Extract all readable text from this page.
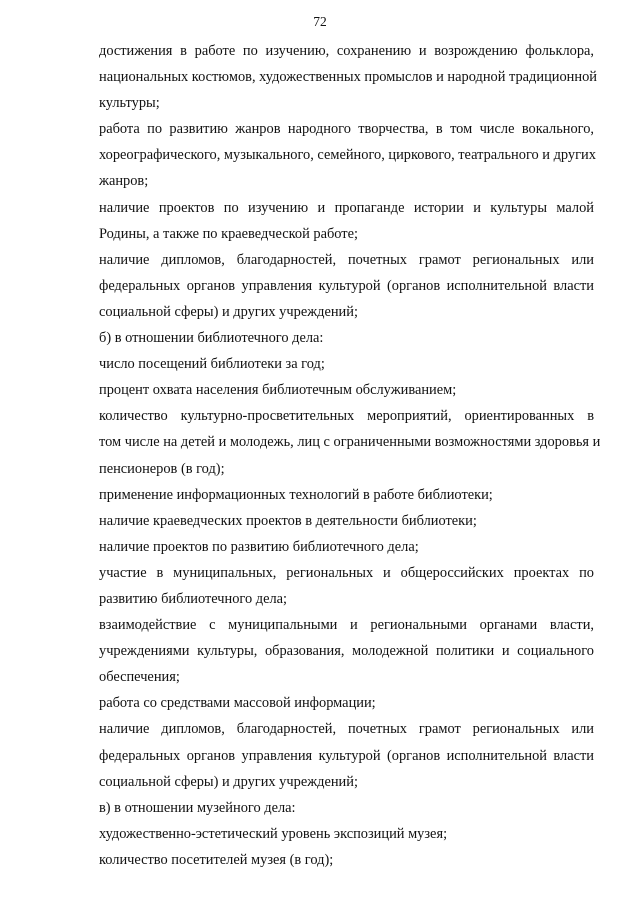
72

достижения в работе по изучению, сохранению и возрождению фольклора,
национальных костюмов, художественных промыслов и народной традиционной
культуры;

работа по развитию жанров народного творчества, в том числе вокального,
хореографического, музыкального, семейного, циркового, театрального и других
жанров;

наличие проектов по изучению и пропаганде истории и культуры малой
Родины, а также по краеведческой работе;

наличие дипломов, благодарностей, почетных грамот региональных или
федеральных органов управления культурой (органов исполнительной власти
социальной сферы) и других учреждений;

б) в отношении библиотечного дела:

число посещений библиотеки за год;

процент охвата населения библиотечным обслуживанием;

количество культурно-просветительных мероприятий, ориентированных в
том числе на детей и молодежь, лиц с ограниченными возможностями здоровья и
пенсионеров (в год);

применение информационных технологий в работе библиотеки;

наличие краеведческих проектов в деятельности библиотеки;

наличие проектов по развитию библиотечного дела;

участие в муниципальных, региональных и общероссийских проектах по
развитию библиотечного дела;

взаимодействие с муниципальными и региональными органами власти,
учреждениями культуры, образования, молодежной политики и социального
обеспечения;

работа со средствами массовой информации;

наличие дипломов, благодарностей, почетных грамот региональных или
федеральных органов управления культурой (органов исполнительной власти
социальной сферы) и других учреждений;

в) в отношении музейного дела:

художественно-эстетический уровень экспозиций музея;

количество посетителей музея (в год);
